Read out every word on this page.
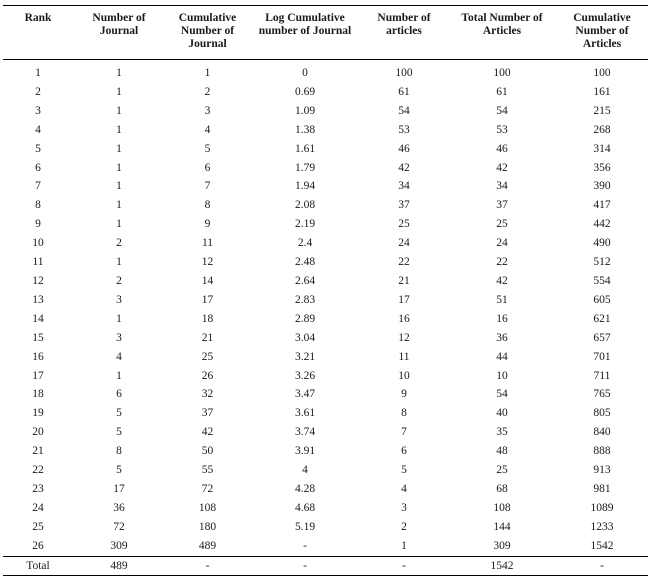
Rank	Number of Journal	Cumulative Number of Journal	Log Cumulative number of Journal	Number of articles	Total Number of Articles	Cumulative Number of Articles
1	1	1	0	100	100	100
2	1	2	0.69	61	61	161
3	1	3	1.09	54	54	215
4	1	4	1.38	53	53	268
5	1	5	1.61	46	46	314
6	1	6	1.79	42	42	356
7	1	7	1.94	34	34	390
8	1	8	2.08	37	37	417
9	1	9	2.19	25	25	442
10	2	11	2.4	24	24	490
11	1	12	2.48	22	22	512
12	2	14	2.64	21	42	554
13	3	17	2.83	17	51	605
14	1	18	2.89	16	16	621
15	3	21	3.04	12	36	657
16	4	25	3.21	11	44	701
17	1	26	3.26	10	10	711
18	6	32	3.47	9	54	765
19	5	37	3.61	8	40	805
20	5	42	3.74	7	35	840
21	8	50	3.91	6	48	888
22	5	55	4	5	25	913
23	17	72	4.28	4	68	981
24	36	108	4.68	3	108	1089
25	72	180	5.19	2	144	1233
26	309	489	-	1	309	1542
Total	489	-	-	-	1542	-
